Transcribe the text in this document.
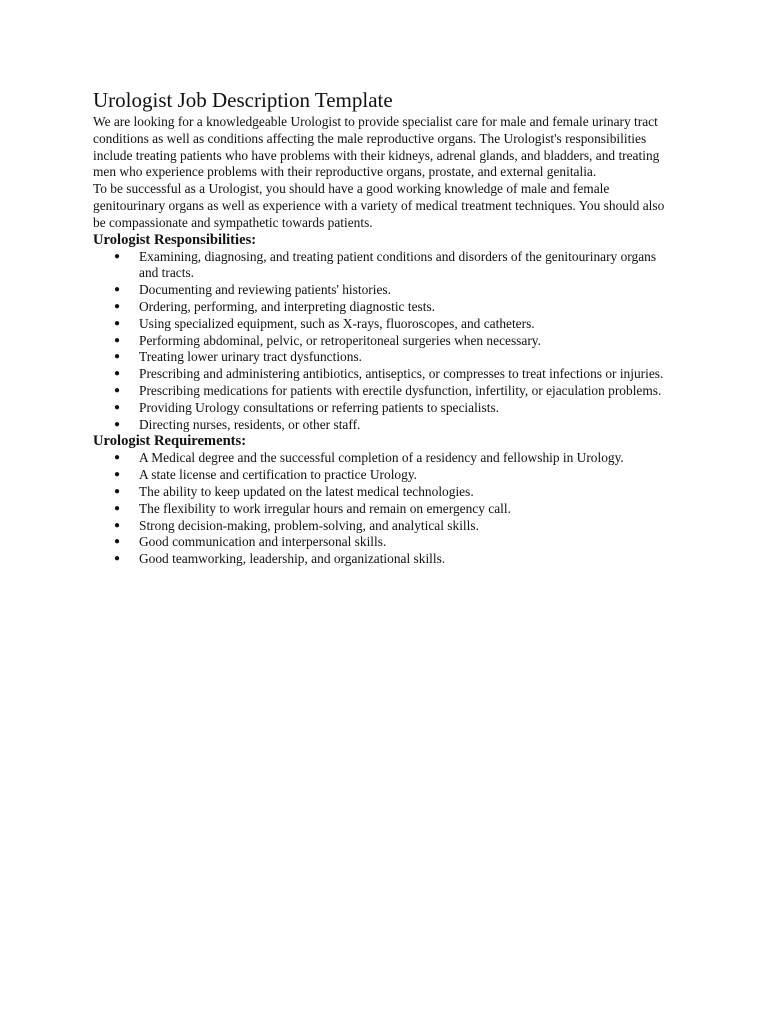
Urologist Job Description Template

We are looking for a knowledgeable Urologist to provide specialist care for male and female urinary tract conditions as well as conditions affecting the male reproductive organs. The Urologist's responsibilities include treating patients who have problems with their kidneys, adrenal glands, and bladders, and treating men who experience problems with their reproductive organs, prostate, and external genitalia.

To be successful as a Urologist, you should have a good working knowledge of male and female genitourinary organs as well as experience with a variety of medical treatment techniques. You should also be compassionate and sympathetic towards patients.

Urologist Responsibilities:
● Examining, diagnosing, and treating patient conditions and disorders of the genitourinary organs and tracts.
● Documenting and reviewing patients' histories.
● Ordering, performing, and interpreting diagnostic tests.
● Using specialized equipment, such as X-rays, fluoroscopes, and catheters.
● Performing abdominal, pelvic, or retroperitoneal surgeries when necessary.
● Treating lower urinary tract dysfunctions.
● Prescribing and administering antibiotics, antiseptics, or compresses to treat infections or injuries.
● Prescribing medications for patients with erectile dysfunction, infertility, or ejaculation problems.
● Providing Urology consultations or referring patients to specialists.
● Directing nurses, residents, or other staff.
Urologist Requirements:
● A Medical degree and the successful completion of a residency and fellowship in Urology.
● A state license and certification to practice Urology.
● The ability to keep updated on the latest medical technologies.
● The flexibility to work irregular hours and remain on emergency call.
● Strong decision-making, problem-solving, and analytical skills.
● Good communication and interpersonal skills.
● Good teamworking, leadership, and organizational skills.
